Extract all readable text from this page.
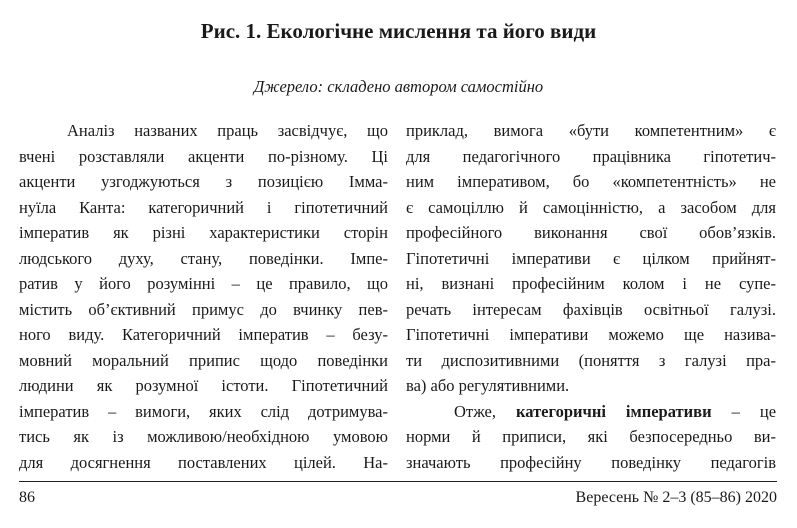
Рис. 1. Екологічне мислення та його види
Джерело: складено автором самостійно
Аналіз названих праць засвідчує, що
вчені розставляли акценти по-різному. Ці
акценти узгоджуються з позицією Імма-
нуїла Канта: категоричний і гіпотетичний
імператив як різні характеристики сторін
людського духу, стану, поведінки. Імпе-
ратив у його розумінні – це правило, що
містить об’єктивний примус до вчинку пев-
ного виду. Категоричний імператив – безу-
мовний моральний припис щодо поведінки
людини як розумної істоти. Гіпотетичний
імператив – вимоги, яких слід дотримува-
тись як із можливою/необхідною умовою
для досягнення поставлених цілей. На-
приклад, вимога «бути компетентним» є
для педагогічного працівника гіпотетич-
ним імперативом, бо «компетентність» не
є самоціллю й самоцінністю, а засобом для
професійного виконання свої обов’язків.
Гіпотетичні імперативи є цілком прийнят-
ні, визнані професійним колом і не супе-
речать інтересам фахівців освітньої галузі.
Гіпотетичні імперативи можемо ще назива-
ти диспозитивними (поняття з галузі пра-
ва) або регулятивними.
Отже, категоричні імперативи – це
норми й приписи, які безпосередньо ви-
значають професійну поведінку педагогів
86	Вересень № 2–3 (85–86) 2020
